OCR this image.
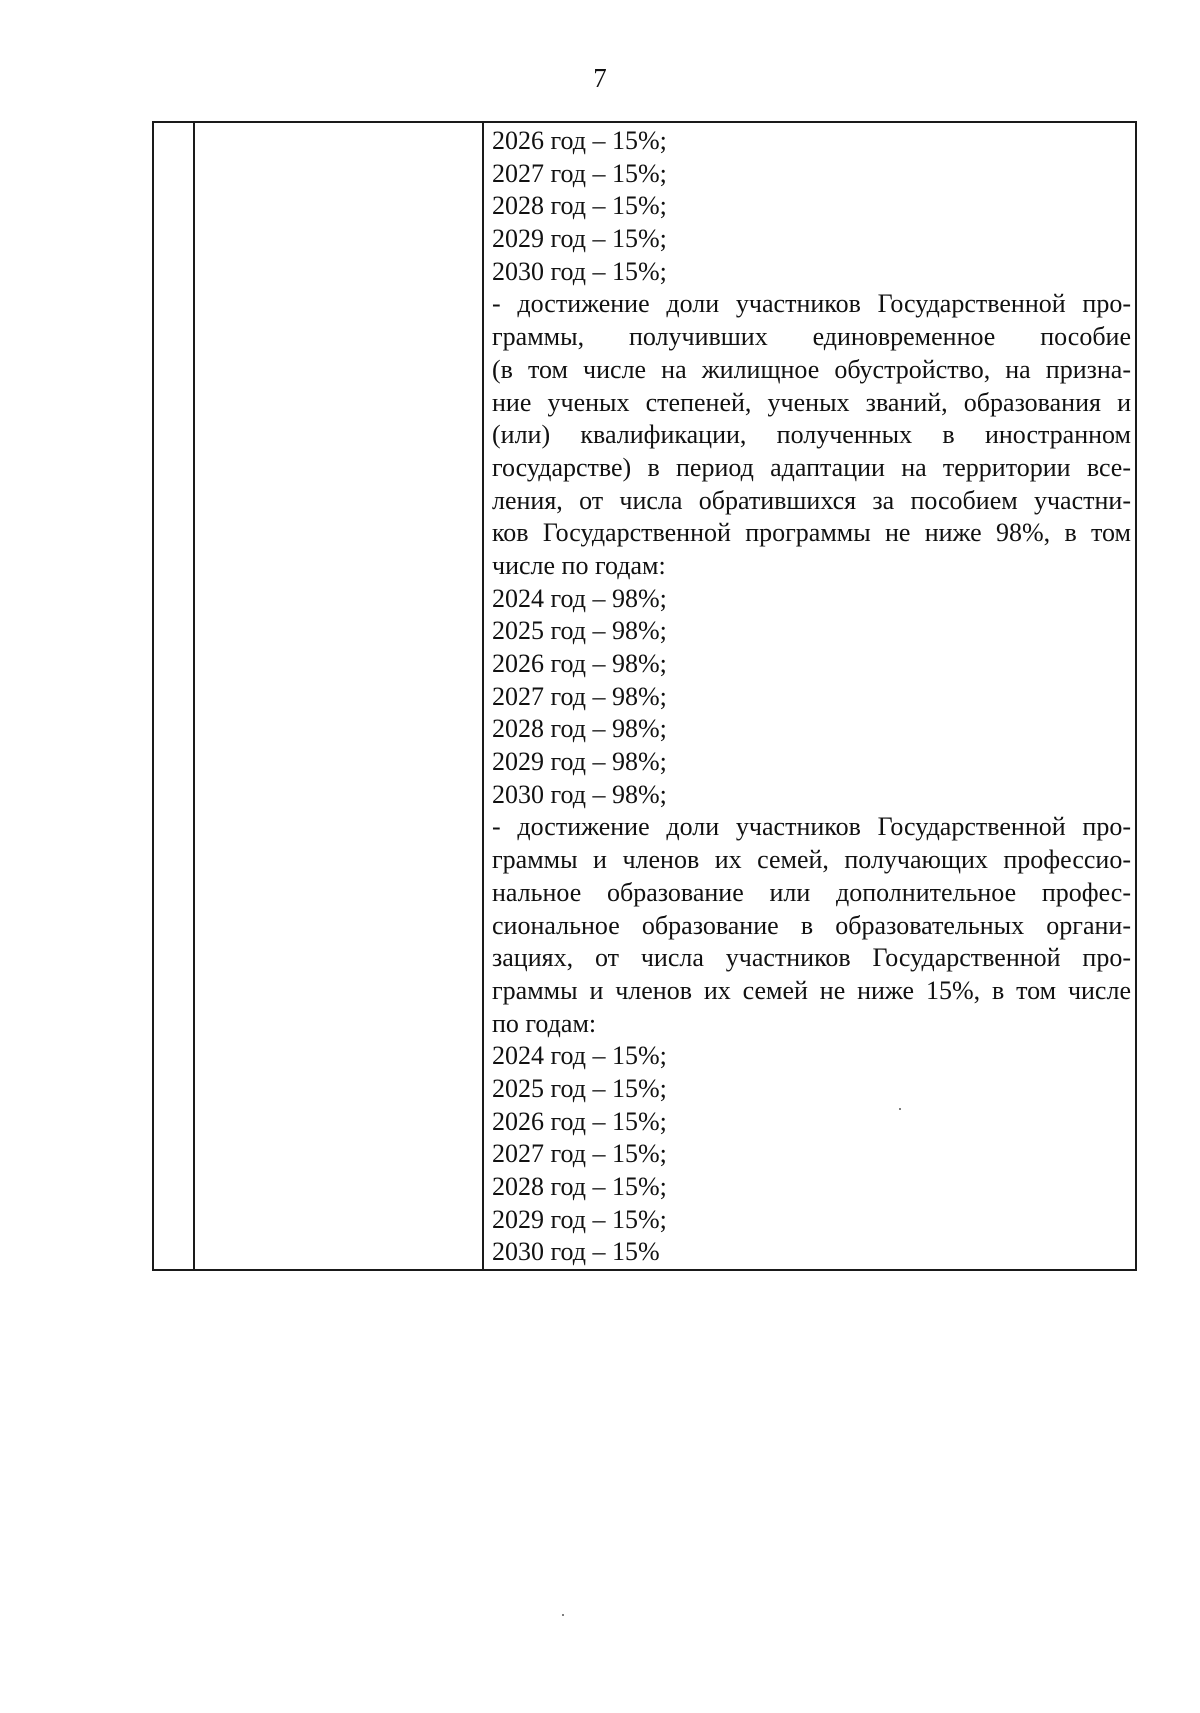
7

2026 год – 15%;
2027 год – 15%;
2028 год – 15%;
2029 год – 15%;
2030 год – 15%;
- достижение доли участников Государственной про-
граммы, получивших единовременное пособие
(в том числе на жилищное обустройство, на призна-
ние ученых степеней, ученых званий, образования и
(или) квалификации, полученных в иностранном
государстве) в период адаптации на территории все-
ления, от числа обратившихся за пособием участни-
ков Государственной программы не ниже 98%, в том
числе по годам:
2024 год – 98%;
2025 год – 98%;
2026 год – 98%;
2027 год – 98%;
2028 год – 98%;
2029 год – 98%;
2030 год – 98%;
- достижение доли участников Государственной про-
граммы и членов их семей, получающих профессио-
нальное образование или дополнительное профес-
сиональное образование в образовательных органи-
зациях, от числа участников Государственной про-
граммы и членов их семей не ниже 15%, в том числе
по годам:
2024 год – 15%;
2025 год – 15%;
2026 год – 15%;
2027 год – 15%;
2028 год – 15%;
2029 год – 15%;
2030 год – 15%
